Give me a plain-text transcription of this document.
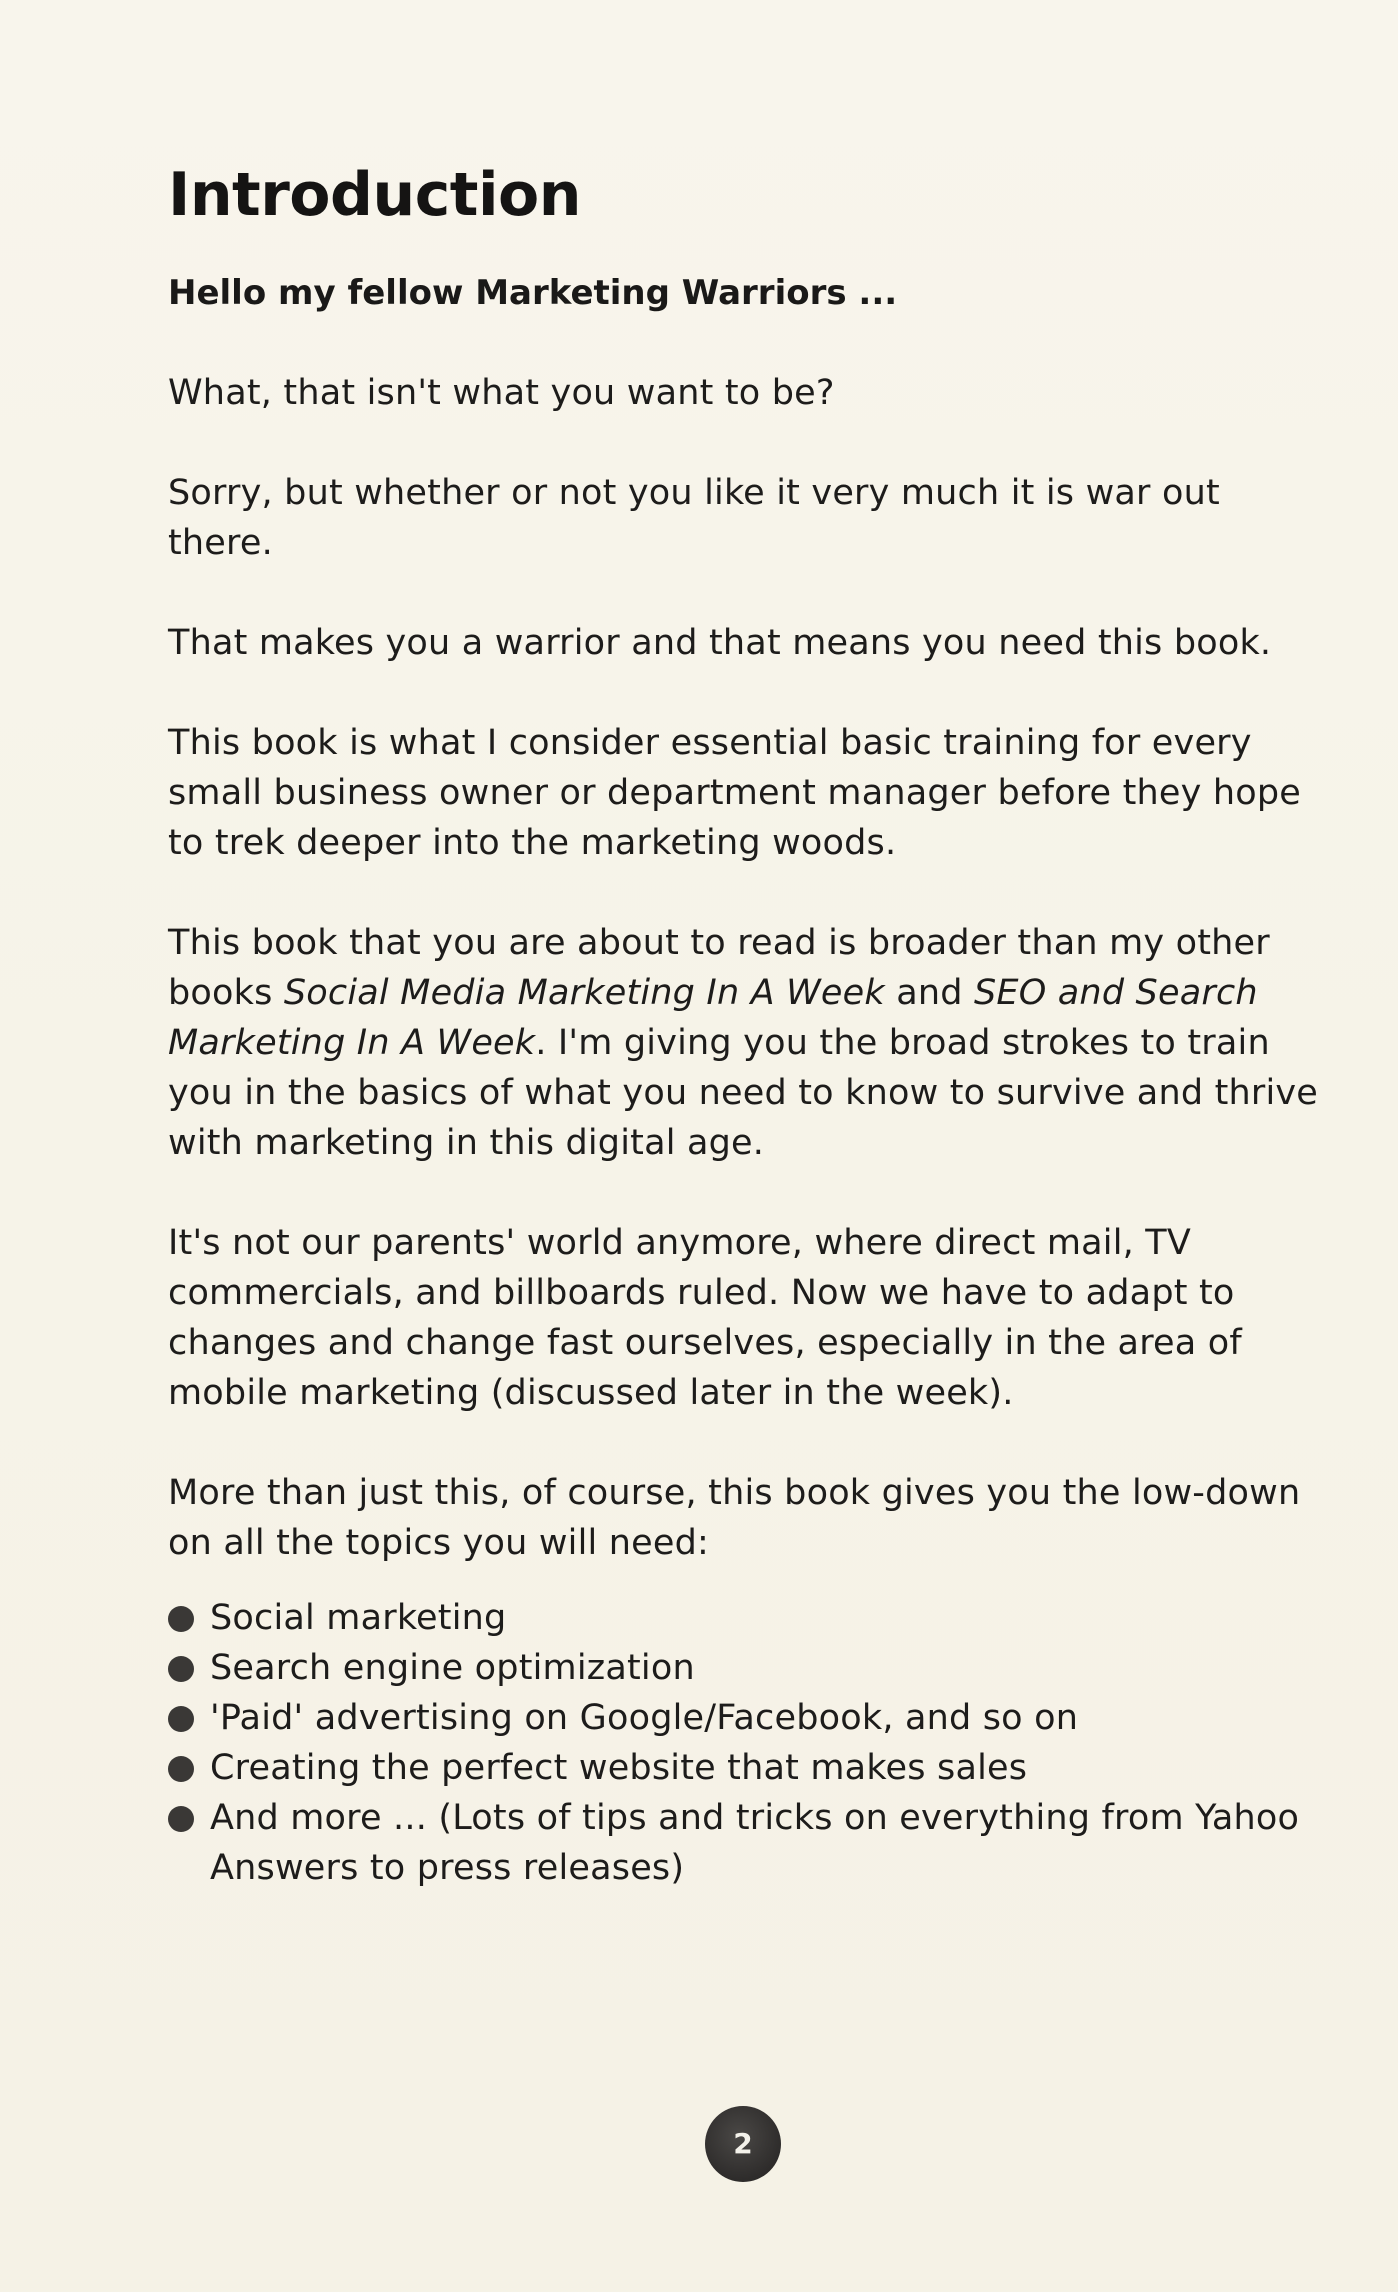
Introduction

Hello my fellow Marketing Warriors ...

What, that isn't what you want to be?

Sorry, but whether or not you like it very much it is war out there.

That makes you a warrior and that means you need this book.

This book is what I consider essential basic training for every small business owner or department manager before they hope to trek deeper into the marketing woods.

This book that you are about to read is broader than my other books Social Media Marketing In A Week and SEO and Search Marketing In A Week. I'm giving you the broad strokes to train you in the basics of what you need to know to survive and thrive with marketing in this digital age.

It's not our parents' world anymore, where direct mail, TV commercials, and billboards ruled. Now we have to adapt to changes and change fast ourselves, especially in the area of mobile marketing (discussed later in the week).

More than just this, of course, this book gives you the low-down on all the topics you will need:

Social marketing
Search engine optimization
'Paid' advertising on Google/Facebook, and so on
Creating the perfect website that makes sales
And more ... (Lots of tips and tricks on everything from Yahoo Answers to press releases)
2
